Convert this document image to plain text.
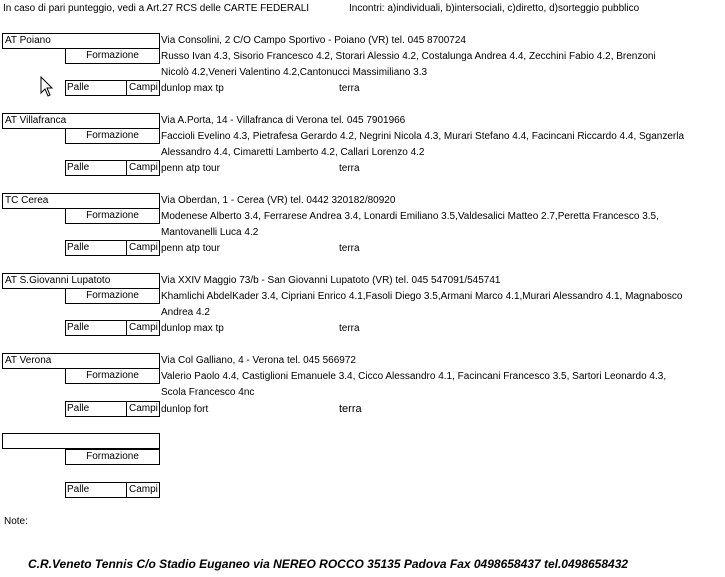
In caso di pari punteggio, vedi a Art.27 RCS delle CARTE FEDERALI	Incontri: a)individuali, b)intersociali, c)diretto, d)sorteggio pubblico
AT Poiano	Via Consolini, 2 C/O Campo Sportivo - Poiano (VR) tel. 045 8700724
Formazione	Russo Ivan 4.3, Sisorio Francesco 4.2, Storari Alessio 4.2, Costalunga Andrea 4.4, Zecchini Fabio 4.2, Brenzoni
Nicolò 4.2,Veneri Valentino 4.2,Cantonucci Massimiliano 3.3
Palle	Campi dunlop max tp	terra
AT Villafranca	Via A.Porta, 14 - Villafranca di Verona tel. 045 7901966
Formazione	Faccioli Evelino 4.3, Pietrafesa Gerardo 4.2, Negrini Nicola 4.3, Murari Stefano 4.4, Facincani Riccardo 4.4, Sganzerla
Alessandro 4.4, Cimaretti Lamberto 4.2, Callari Lorenzo 4.2
Palle	Campi penn atp tour	terra
TC Cerea	Via Oberdan, 1 - Cerea (VR) tel. 0442 320182/80920
Formazione	Modenese Alberto 3.4, Ferrarese Andrea 3.4, Lonardi Emiliano 3.5,Valdesalici Matteo 2.7,Peretta Francesco 3.5,
Mantovanelli Luca 4.2
Palle	Campi penn atp tour	terra
AT S.Giovanni Lupatoto	Via XXIV Maggio 73/b - San Giovanni Lupatoto (VR) tel. 045 547091/545741
Formazione	Khamlichi AbdelKader 3.4, Cipriani Enrico 4.1,Fasoli Diego 3.5,Armani Marco 4.1,Murari Alessandro 4.1, Magnabosco
Andrea 4.2
Palle	Campi dunlop max tp	terra
AT Verona	Via Col Galliano, 4 - Verona tel. 045 566972
Formazione	Valerio Paolo 4.4, Castiglioni Emanuele 3.4, Cicco Alessandro 4.1, Facincani Francesco 3.5, Sartori Leonardo 4.3,
Scola Francesco 4nc
Palle	Campi dunlop fort	terra
Formazione
Palle	Campi
Note:
C.R.Veneto Tennis C/o Stadio Euganeo via NEREO ROCCO 35135 Padova Fax 0498658437 tel.0498658432
